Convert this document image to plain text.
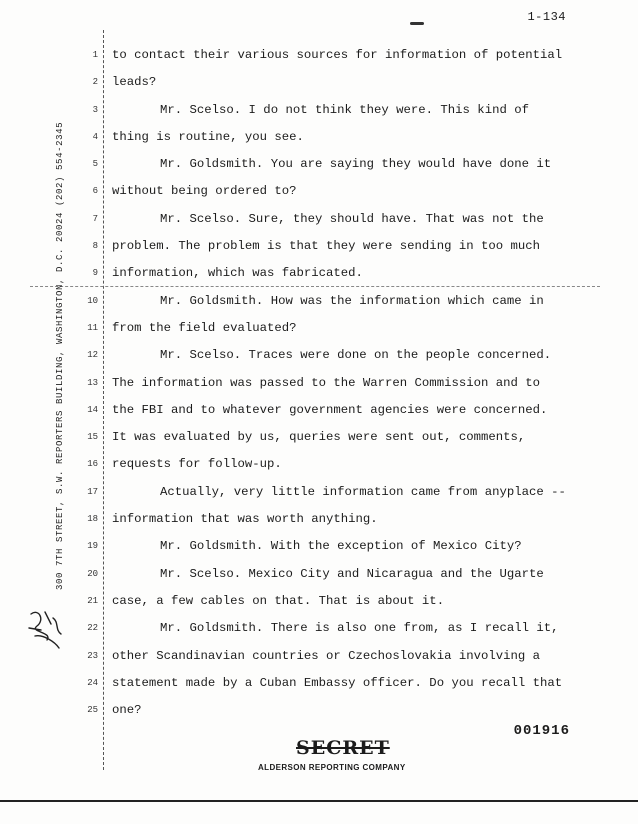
1-134
300 7TH STREET, S.W. REPORTERS BUILDING, WASHINGTON, D.C. 20024 (202) 554-2345
1
2
3
4
5
6
7
8
9
10
11
12
13
14
15
16
17
18
19
20
21
22
23
24
25
to contact their various sources for information of potential
leads?
Mr. Scelso. I do not think they were. This kind of
thing is routine, you see.
Mr. Goldsmith. You are saying they would have done it
without being ordered to?
Mr. Scelso. Sure, they should have. That was not the
problem. The problem is that they were sending in too much
information, which was fabricated.
Mr. Goldsmith. How was the information which came in
from the field evaluated?
Mr. Scelso. Traces were done on the people concerned.
The information was passed to the Warren Commission and to
the FBI and to whatever government agencies were concerned.
It was evaluated by us, queries were sent out, comments,
requests for follow-up.
Actually, very little information came from anyplace --
information that was worth anything.
Mr. Goldsmith. With the exception of Mexico City?
Mr. Scelso. Mexico City and Nicaragua and the Ugarte
case, a few cables on that. That is about it.
Mr. Goldsmith. There is also one from, as I recall it,
other Scandinavian countries or Czechoslovakia involving a
statement made by a Cuban Embassy officer. Do you recall that
one?
001916
SECRET
ALDERSON REPORTING COMPANY
